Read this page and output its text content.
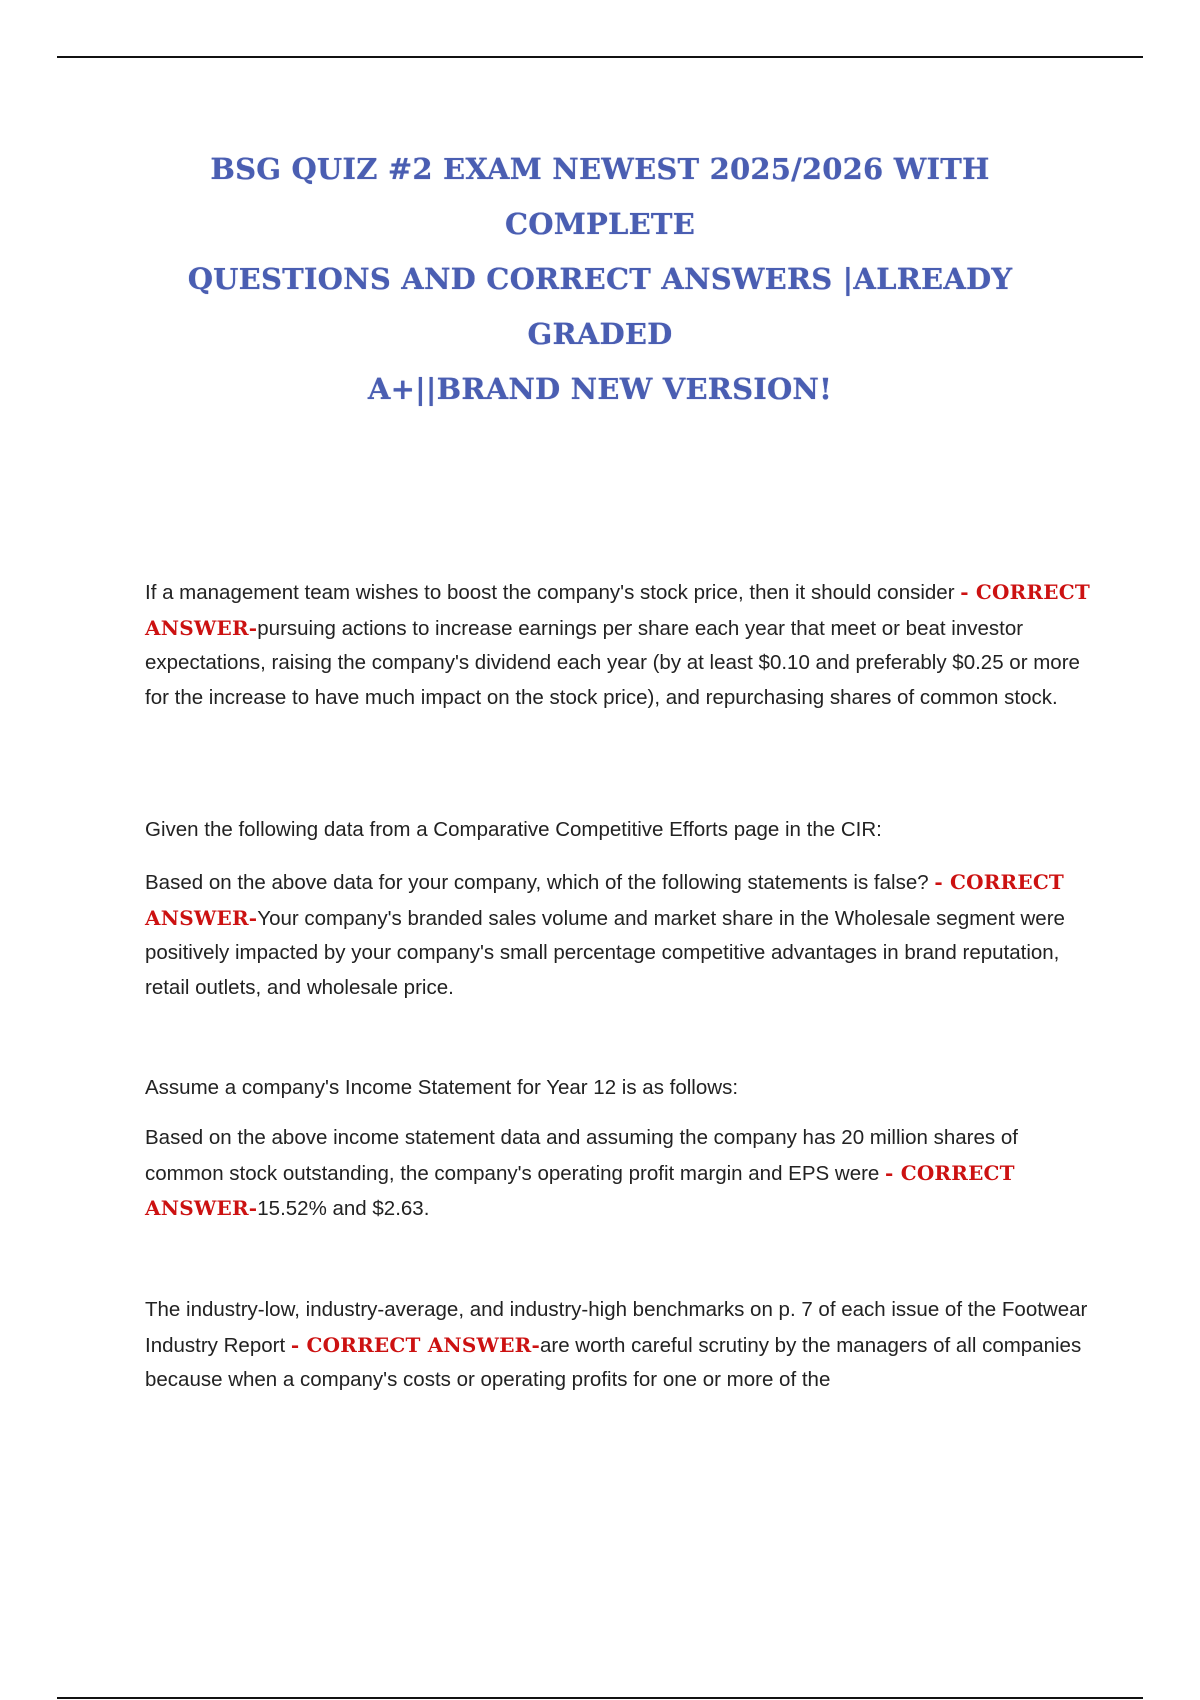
BSG QUIZ #2 EXAM NEWEST 2025/2026 WITH COMPLETE
QUESTIONS AND CORRECT ANSWERS |ALREADY GRADED
A+||BRAND NEW VERSION!

If a management team wishes to boost the company's stock price, then it should consider - CORRECT ANSWER-pursuing actions to increase earnings per share each year that meet or beat investor expectations, raising the company's dividend each year (by at least $0.10 and preferably $0.25 or more for the increase to have much impact on the stock price), and repurchasing shares of common stock.

Given the following data from a Comparative Competitive Efforts page in the CIR:

Based on the above data for your company, which of the following statements is false? - CORRECT ANSWER-Your company's branded sales volume and market share in the Wholesale segment were positively impacted by your company's small percentage competitive advantages in brand reputation, retail outlets, and wholesale price.

Assume a company's Income Statement for Year 12 is as follows:

Based on the above income statement data and assuming the company has 20 million shares of common stock outstanding, the company's operating profit margin and EPS were - CORRECT ANSWER-15.52% and $2.63.

The industry-low, industry-average, and industry-high benchmarks on p. 7 of each issue of the Footwear Industry Report - CORRECT ANSWER-are worth careful scrutiny by the managers of all companies because when a company's costs or operating profits for one or more of the
